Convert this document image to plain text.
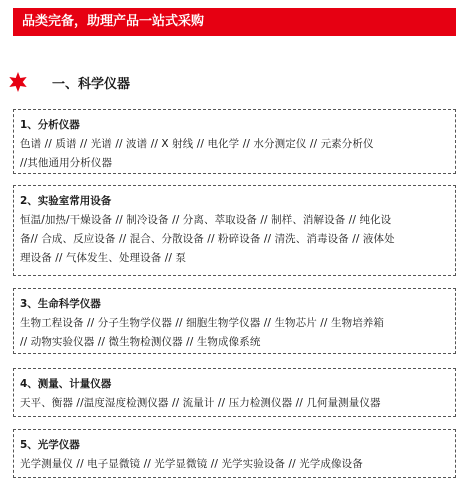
品类完备，助理产品一站式采购
一、科学仪器
1、分析仪器
色谱 // 质谱 // 光谱 // 波谱 // X 射线 // 电化学 // 水分测定仪 // 元素分析仪
//其他通用分析仪器
2、实验室常用设备
恒温/加热/干燥设备 // 制冷设备 // 分离、萃取设备 // 制样、消解设备 // 纯化设
备// 合成、反应设备 // 混合、分散设备 // 粉碎设备 // 清洗、消毒设备 // 液体处
理设备 // 气体发生、处理设备 // 泵
3、生命科学仪器
生物工程设备 // 分子生物学仪器 // 细胞生物学仪器 // 生物芯片 // 生物培养箱
// 动物实验仪器 // 微生物检测仪器 // 生物成像系统
4、测量、计量仪器
天平、衡器 //温度湿度检测仪器 // 流量计 // 压力检测仪器 // 几何量测量仪器
5、光学仪器
光学测量仪 // 电子显微镜 // 光学显微镜 // 光学实验设备 // 光学成像设备
